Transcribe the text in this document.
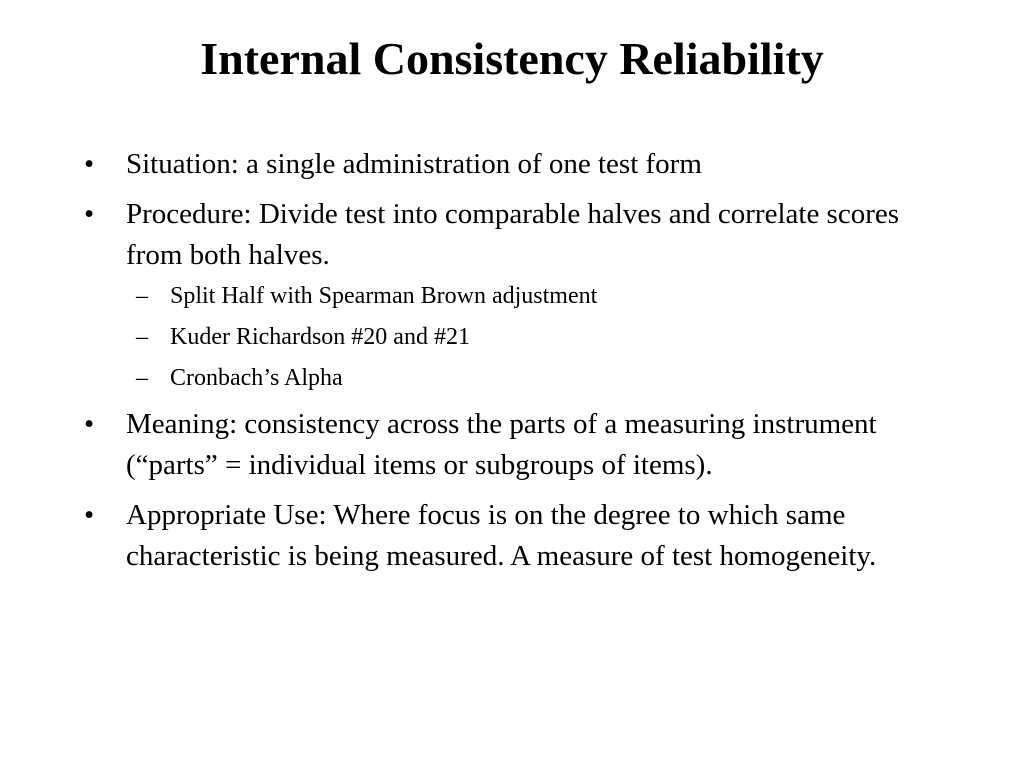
Internal Consistency Reliability
•	Situation: a single administration of one test form
•	Procedure: Divide test into comparable halves and correlate scores from both halves.
– Split Half with Spearman Brown adjustment
– Kuder Richardson #20 and #21
– Cronbach’s Alpha
•	Meaning: consistency across the parts of a measuring instrument (“parts” = individual items or subgroups of items).
•	Appropriate Use: Where focus is on the degree to which same characteristic is being measured. A measure of test homogeneity.
